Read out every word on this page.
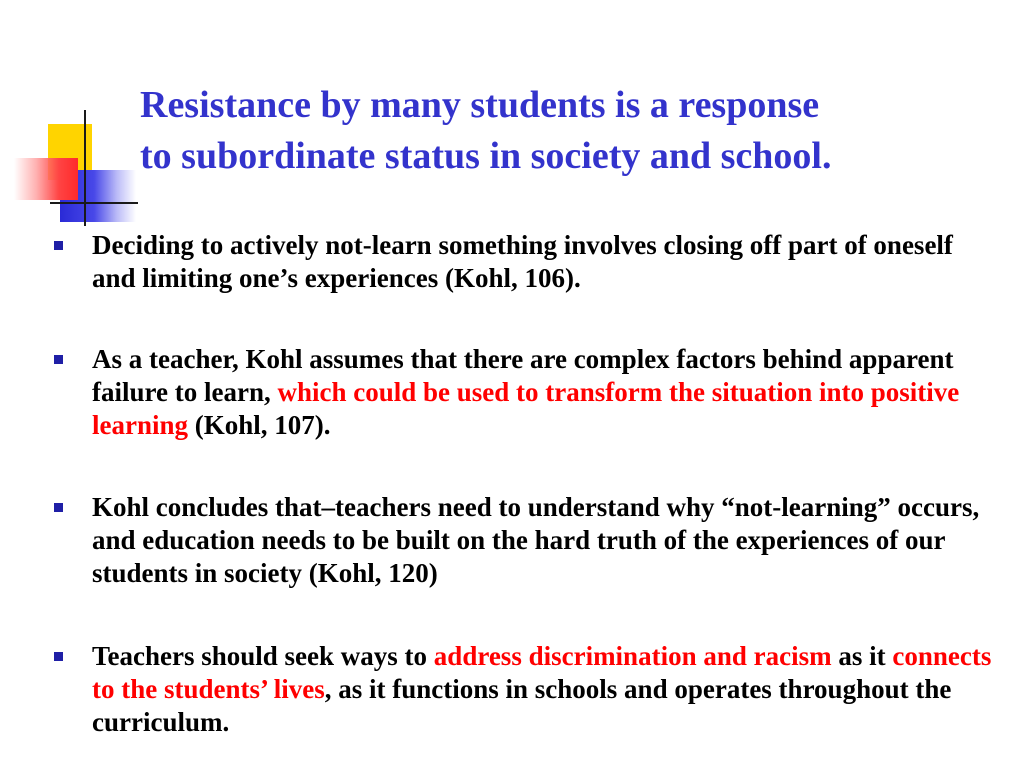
Resistance by many students is a response
to subordinate status in society and school.
Deciding to actively not-learn something involves closing off part of oneself and limiting one’s experiences (Kohl, 106).
As a teacher, Kohl assumes that there are complex factors behind apparent failure to learn, which could be used to transform the situation into positive learning (Kohl, 107).
Kohl concludes that–teachers need to understand why “not-learning” occurs, and education needs to be built on the hard truth of the experiences of our students in society (Kohl, 120)
Teachers should seek ways to address discrimination and racism as it connects to the students’ lives, as it functions in schools and operates throughout the curriculum.
